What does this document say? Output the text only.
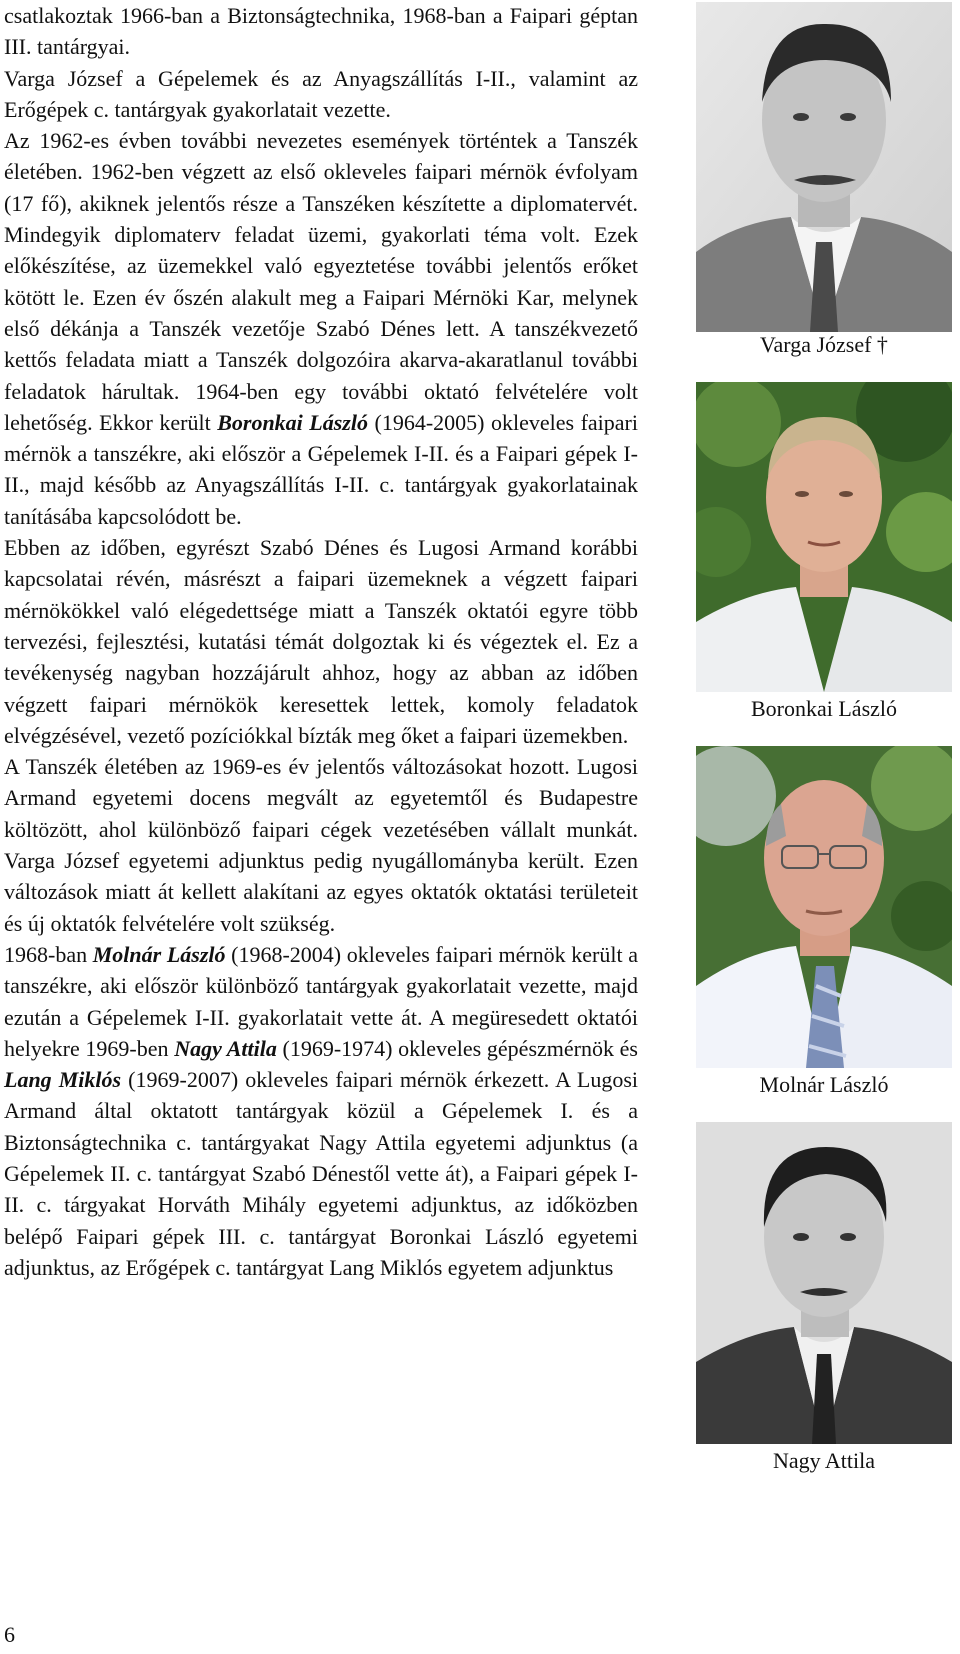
csatlakoztak 1966-ban a Biztonságtechnika, 1968-ban a Faipari géptan III. tantárgyai.

Varga József a Gépelemek és az Anyagszállítás I-II., valamint az Erőgépek c. tantárgyak gyakorlatait vezette.

Az 1962-es évben további nevezetes események történtek a Tanszék életében. 1962-ben végzett az első okleveles faipari mérnök évfolyam (17 fő), akiknek jelentős része a Tanszéken készítette a diplomatervét. Mindegyik diplomaterv feladat üzemi, gyakorlati téma volt. Ezek előkészítése, az üzemekkel való egyeztetése további jelentős erőket kötött le. Ezen év őszén alakult meg a Faipari Mérnöki Kar, melynek első dékánja a Tanszék vezetője Szabó Dénes lett. A tanszékvezető kettős feladata miatt a Tanszék dolgozóira akarva-akaratlanul további feladatok hárultak. 1964-ben egy további oktató felvételére volt lehetőség. Ekkor került Boronkai László (1964-2005) okleveles faipari mérnök a tanszékre, aki először a Gépelemek I-II. és a Faipari gépek I-II., majd később az Anyagszállítás I-II. c. tantárgyak gyakorlatainak tanításába kapcsolódott be.

Ebben az időben, egyrészt Szabó Dénes és Lugosi Armand korábbi kapcsolatai révén, másrészt a faipari üzemeknek a végzett faipari mérnökökkel való elégedettsége miatt a Tanszék oktatói egyre több tervezési, fejlesztési, kutatási témát dolgoztak ki és végeztek el. Ez a tevékenység nagyban hozzájárult ahhoz, hogy az abban az időben végzett faipari mérnökök keresettek lettek, komoly feladatok elvégzésével, vezető pozíciókkal bízták meg őket a faipari üzemekben.

A Tanszék életében az 1969-es év jelentős változásokat hozott. Lugosi Armand egyetemi docens megvált az egyetemtől és Budapestre költözött, ahol különböző faipari cégek vezetésében vállalt munkát. Varga József egyetemi adjunktus pedig nyugállományba került. Ezen változások miatt át kellett alakítani az egyes oktatók oktatási területeit és új oktatók felvételére volt szükség.

1968-ban Molnár László (1968-2004) okleveles faipari mérnök került a tanszékre, aki először különböző tantárgyak gyakorlatait vezette, majd ezután a Gépelemek I-II. gyakorlatait vette át. A megüresedett oktatói helyekre 1969-ben Nagy Attila (1969-1974) okleveles gépészmérnök és Lang Miklós (1969-2007) okleveles faipari mérnök érkezett. A Lugosi Armand által oktatott tantárgyak közül a Gépelemek I. és a Biztonságtechnika c. tantárgyakat Nagy Attila egyetemi adjunktus (a Gépelemek II. c. tantárgyat Szabó Dénestől vette át), a Faipari gépek I-II. c. tárgyakat Horváth Mihály egyetemi adjunktus, az időközben belépő Faipari gépek III. c. tantárgyat Boronkai László egyetemi adjunktus, az Erőgépek c. tantárgyat Lang Miklós egyetem adjunktus

Varga József †
Boronkai László
Molnár László
Nagy Attila
6
